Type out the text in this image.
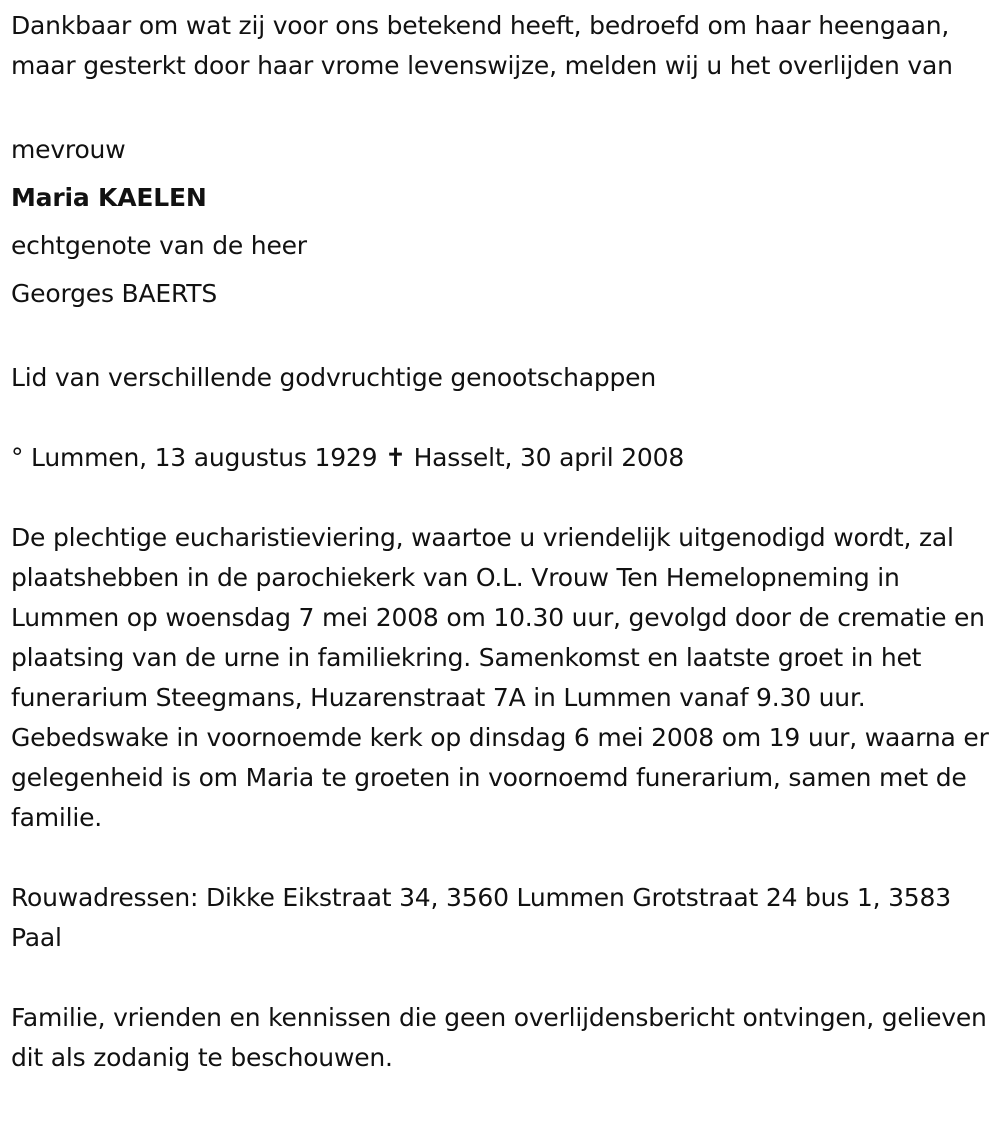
Dankbaar om wat zij voor ons betekend heeft, bedroefd om haar heengaan, maar gesterkt door haar vrome levenswijze, melden wij u het overlijden van

mevrouw
Maria KAELEN
echtgenote van de heer
Georges BAERTS

Lid van verschillende godvruchtige genootschappen

° Lummen, 13 augustus 1929 ✝ Hasselt, 30 april 2008

De plechtige eucharistieviering, waartoe u vriendelijk uitgenodigd wordt, zal plaatshebben in de parochiekerk van O.L. Vrouw Ten Hemelopneming in Lummen op woensdag 7 mei 2008 om 10.30 uur, gevolgd door de crematie en plaatsing van de urne in familiekring. Samenkomst en laatste groet in het funerarium Steegmans, Huzarenstraat 7A in Lummen vanaf 9.30 uur. Gebedswake in voornoemde kerk op dinsdag 6 mei 2008 om 19 uur, waarna er gelegenheid is om Maria te groeten in voornoemd funerarium, samen met de familie.

Rouwadressen: Dikke Eikstraat 34, 3560 Lummen Grotstraat 24 bus 1, 3583 Paal

Familie, vrienden en kennissen die geen overlijdensbericht ontvingen, gelieven dit als zodanig te beschouwen.
